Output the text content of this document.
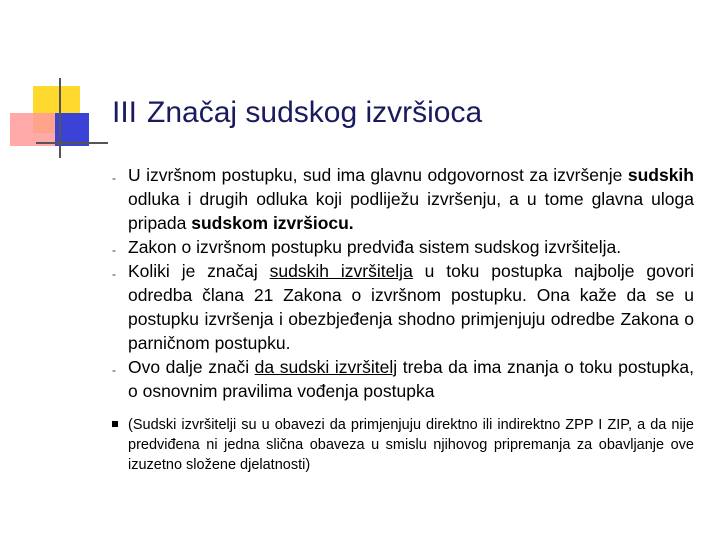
III Značaj sudskog izvršioca
- U izvršnom postupku, sud ima glavnu odgovornost za izvršenje sudskih odluka i drugih odluka koji podliježu izvršenju, a u tome glavna uloga pripada sudskom izvršiocu.
- Zakon o izvršnom postupku predviđa sistem sudskog izvršitelja.
- Koliki je značaj sudskih izvršitelja u toku postupka najbolje govori odredba člana 21 Zakona o izvršnom postupku. Ona kaže da se u postupku izvršenja i obezbjeđenja shodno primjenjuju odredbe Zakona o parničnom postupku.
- Ovo dalje znači da sudski izvršitelj treba da ima znanja o toku postupka, o osnovnim pravilima vođenja postupka
(Sudski izvršitelji su u obavezi da primjenjuju direktno ili indirektno ZPP I ZIP, a da nije predviđena ni jedna slična obaveza u smislu njihovog pripremanja za obavljanje ove izuzetno složene djelatnosti)
